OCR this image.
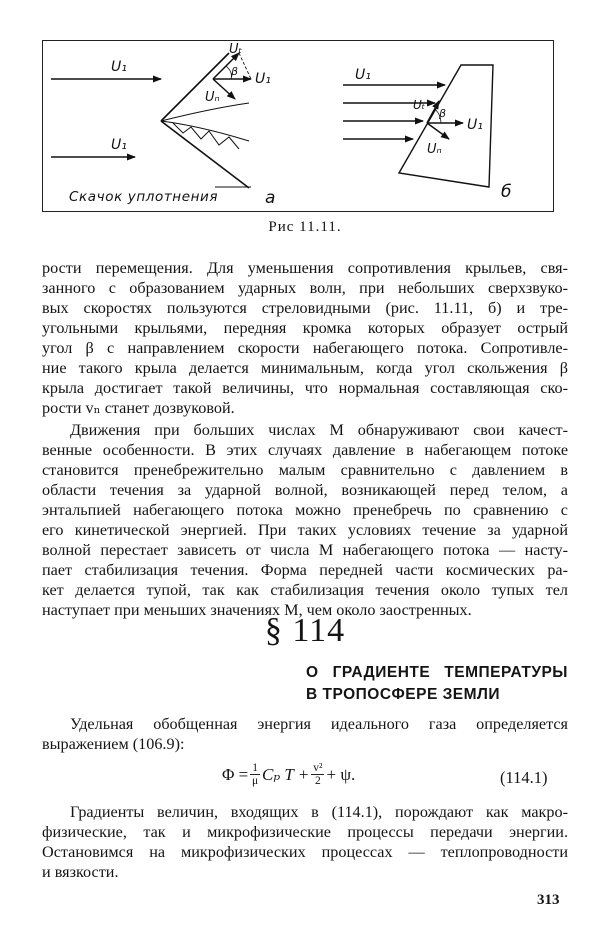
U₁
U₁
Uₜ
β U₁
Uₙ
Скачок уплотнения	a
U₁
Uₜ
β
U₁
Uₙ
б
Рис 11.11.

рости перемещения. Для уменьшения сопротивления крыльев, свя-
занного с образованием ударных волн, при небольших сверхзвуко-
вых скоростях пользуются стреловидными (рис. 11.11, б) и тре-
угольными крыльями, передняя кромка которых образует острый
угол β с направлением скорости набегающего потока. Сопротивле-
ние такого крыла делается минимальным, когда угол скольжения β
крыла достигает такой величины, что нормальная составляющая ско-
рости vₙ станет дозвуковой.

Движения при больших числах M обнаруживают свои качест-
венные особенности. В этих случаях давление в набегающем потоке
становится пренебрежительно малым сравнительно с давлением в
области течения за ударной волной, возникающей перед телом, а
энтальпией набегающего потока можно пренебречь по сравнению с
его кинетической энергией. При таких условиях течение за ударной
волной перестает зависеть от числа M набегающего потока — насту-
пает стабилизация течения. Форма передней части космических ра-
кет делается тупой, так как стабилизация течения около тупых тел
наступает при меньших значениях M, чем около заостренных.

§ 114
О ГРАДИЕНТЕ ТЕМПЕРАТУРЫ
В ТРОПОСФЕРЕ ЗЕМЛИ

Удельная обобщенная энергия идеального газа определяется
выражением (106.9):

$\Phi = \frac{1}{\mu}$ Cₚ $T + \frac{\text{v²}}{2} + \psi$.	(114.1)

Градиенты величин, входящих в (114.1), порождают как макро-
физические, так и микрофизические процессы передачи энергии.
Остановимся на микрофизических процессах — теплопроводности
и вязкости.

313
